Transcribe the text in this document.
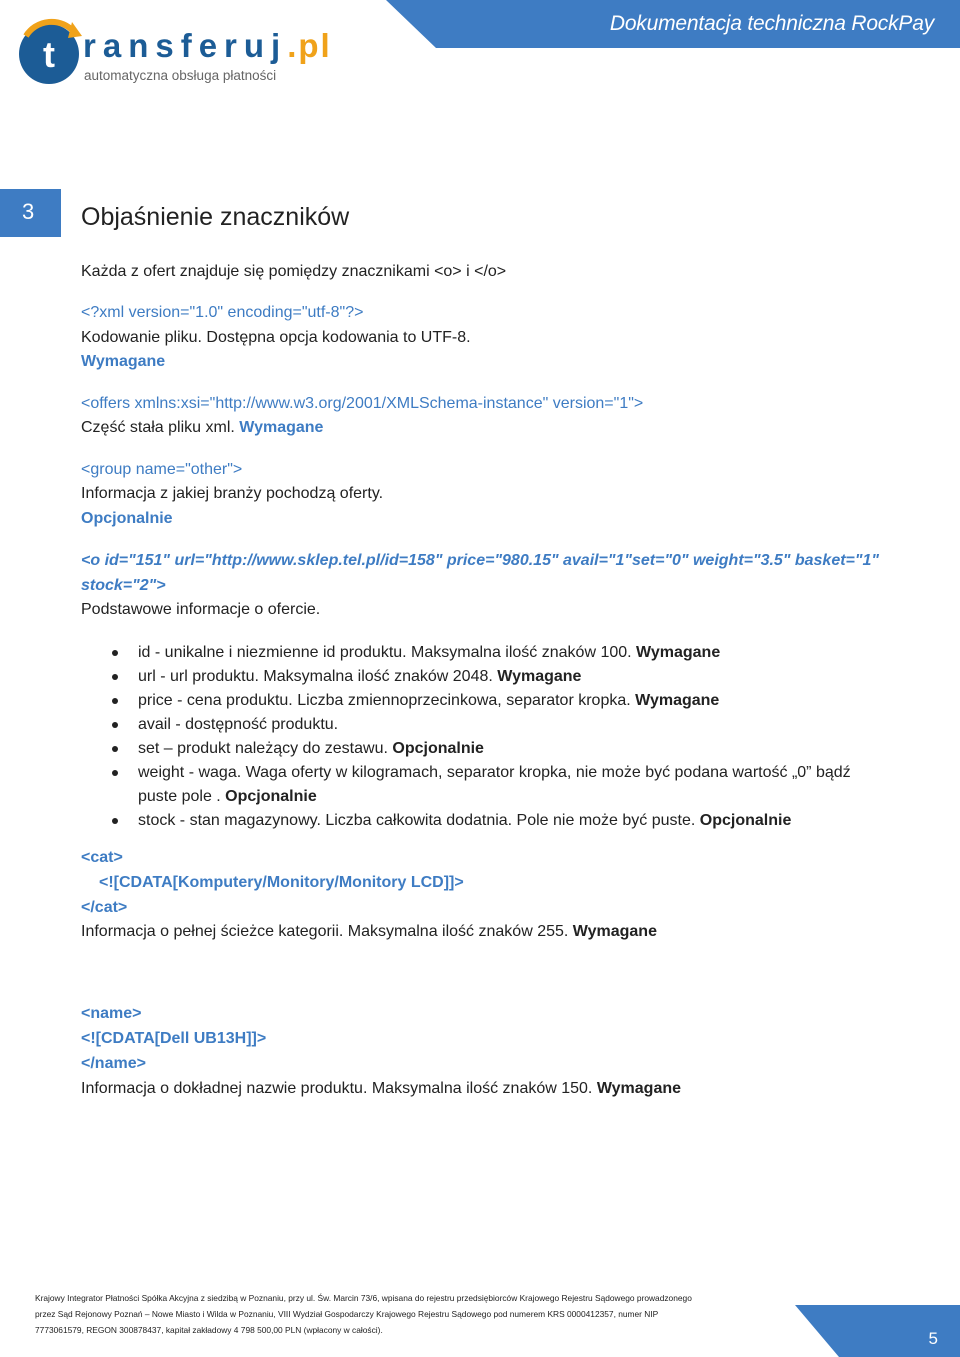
Dokumentacja techniczna RockPay
t ransferuj.pl
automatyczna obsługa płatności
3 Objaśnienie znaczników
Każda z ofert znajduje się pomiędzy znacznikami <o> i </o>
<?xml version="1.0" encoding="utf-8"?>
Kodowanie pliku. Dostępna opcja kodowania to UTF-8.
Wymagane
<offers xmlns:xsi="http://www.w3.org/2001/XMLSchema-instance" version="1">
Część stała pliku xml. Wymagane
<group name="other">
Informacja z jakiej branży pochodzą oferty.
Opcjonalnie
<o id="151" url="http://www.sklep.tel.pl/id=158" price="980.15" avail="1"set="0" weight="3.5" basket="1"
stock="2">
Podstawowe informacje o ofercie.
id - unikalne i niezmienne id produktu. Maksymalna ilość znaków 100. Wymagane
url - url produktu. Maksymalna ilość znaków 2048. Wymagane
price - cena produktu. Liczba zmiennoprzecinkowa, separator kropka. Wymagane
avail - dostępność produktu.
set – produkt należący do zestawu. Opcjonalnie
weight - waga. Waga oferty w kilogramach, separator kropka, nie może być podana wartość „0” bądź puste pole . Opcjonalnie
stock - stan magazynowy. Liczba całkowita dodatnia. Pole nie może być puste. Opcjonalnie
<cat>
<![CDATA[Komputery/Monitory/Monitory LCD]]>
</cat>
Informacja o pełnej ścieżce kategorii. Maksymalna ilość znaków 255. Wymagane
<name>
<![CDATA[Dell UB13H]]>
</name>
Informacja o dokładnej nazwie produktu. Maksymalna ilość znaków 150. Wymagane
Krajowy Integrator Płatności Spółka Akcyjna z siedzibą w Poznaniu, przy ul. Św. Marcin 73/6, wpisana do rejestru przedsiębiorców Krajowego Rejestru Sądowego prowadzonego
przez Sąd Rejonowy Poznań – Nowe Miasto i Wilda w Poznaniu, VIII Wydział Gospodarczy Krajowego Rejestru Sądowego pod numerem KRS 0000412357, numer NIP
7773061579, REGON 300878437, kapitał zakładowy 4 798 500,00 PLN (wpłacony w całości).	5
